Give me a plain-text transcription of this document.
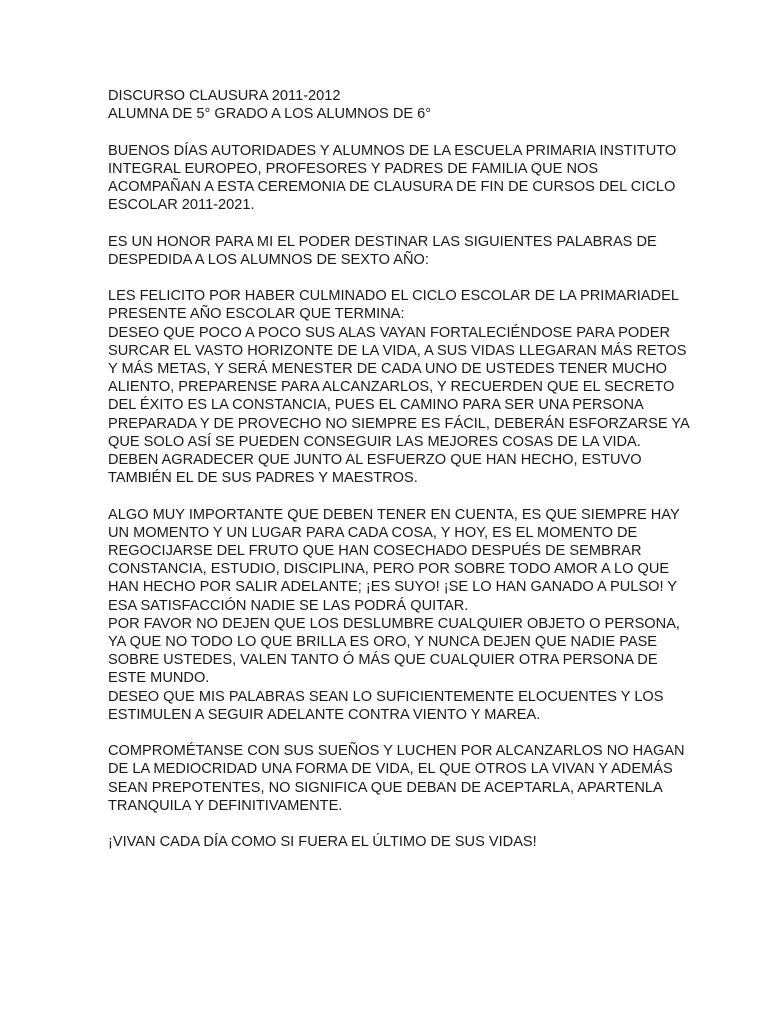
DISCURSO CLAUSURA 2011-2012
ALUMNA DE 5° GRADO A LOS ALUMNOS DE 6°
BUENOS DÍAS AUTORIDADES Y ALUMNOS DE LA ESCUELA PRIMARIA INSTITUTO
INTEGRAL EUROPEO, PROFESORES Y PADRES DE FAMILIA QUE NOS
ACOMPAÑAN A ESTA CEREMONIA DE CLAUSURA DE FIN DE CURSOS DEL CICLO
ESCOLAR 2011-2021.
ES UN HONOR PARA MI EL PODER DESTINAR LAS SIGUIENTES PALABRAS DE
DESPEDIDA A LOS ALUMNOS DE SEXTO AÑO:
LES FELICITO POR HABER CULMINADO EL CICLO ESCOLAR DE LA PRIMARIADEL
PRESENTE AÑO ESCOLAR QUE TERMINA:
DESEO QUE POCO A POCO SUS ALAS VAYAN FORTALECIÉNDOSE PARA PODER
SURCAR EL VASTO HORIZONTE DE LA VIDA, A SUS VIDAS LLEGARAN MÁS RETOS
Y MÁS METAS, Y SERÁ MENESTER DE CADA UNO DE USTEDES TENER MUCHO
ALIENTO, PREPARENSE PARA ALCANZARLOS, Y RECUERDEN QUE EL SECRETO
DEL ÉXITO ES LA CONSTANCIA, PUES EL CAMINO PARA SER UNA PERSONA
PREPARADA Y DE PROVECHO NO SIEMPRE ES FÁCIL, DEBERÁN ESFORZARSE YA
QUE SOLO ASÍ SE PUEDEN CONSEGUIR LAS MEJORES COSAS DE LA VIDA.
DEBEN AGRADECER QUE JUNTO AL ESFUERZO QUE HAN HECHO, ESTUVO
TAMBIÉN EL DE SUS PADRES Y MAESTROS.
ALGO MUY IMPORTANTE QUE DEBEN TENER EN CUENTA, ES QUE SIEMPRE HAY
UN MOMENTO Y UN LUGAR PARA CADA COSA, Y HOY, ES EL MOMENTO DE
REGOCIJARSE DEL FRUTO QUE HAN COSECHADO DESPUÉS DE SEMBRAR
CONSTANCIA, ESTUDIO, DISCIPLINA, PERO POR SOBRE TODO AMOR A LO QUE
HAN HECHO POR SALIR ADELANTE; ¡ES SUYO! ¡SE LO HAN GANADO A PULSO! Y
ESA SATISFACCIÓN NADIE SE LAS PODRÁ QUITAR.
POR FAVOR NO DEJEN QUE LOS DESLUMBRE CUALQUIER OBJETO O PERSONA,
YA QUE NO TODO LO QUE BRILLA ES ORO, Y NUNCA DEJEN QUE NADIE PASE
SOBRE USTEDES, VALEN TANTO Ó MÁS QUE CUALQUIER OTRA PERSONA DE
ESTE MUNDO.
DESEO QUE MIS PALABRAS SEAN LO SUFICIENTEMENTE ELOCUENTES Y LOS
ESTIMULEN A SEGUIR ADELANTE CONTRA VIENTO Y MAREA.
COMPROMÉTANSE CON SUS SUEÑOS Y LUCHEN POR ALCANZARLOS NO HAGAN
DE LA MEDIOCRIDAD UNA FORMA DE VIDA, EL QUE OTROS LA VIVAN Y ADEMÁS
SEAN PREPOTENTES, NO SIGNIFICA QUE DEBAN DE ACEPTARLA, APARTENLA
TRANQUILA Y DEFINITIVAMENTE.
¡VIVAN CADA DÍA COMO SI FUERA EL ÚLTIMO DE SUS VIDAS!
